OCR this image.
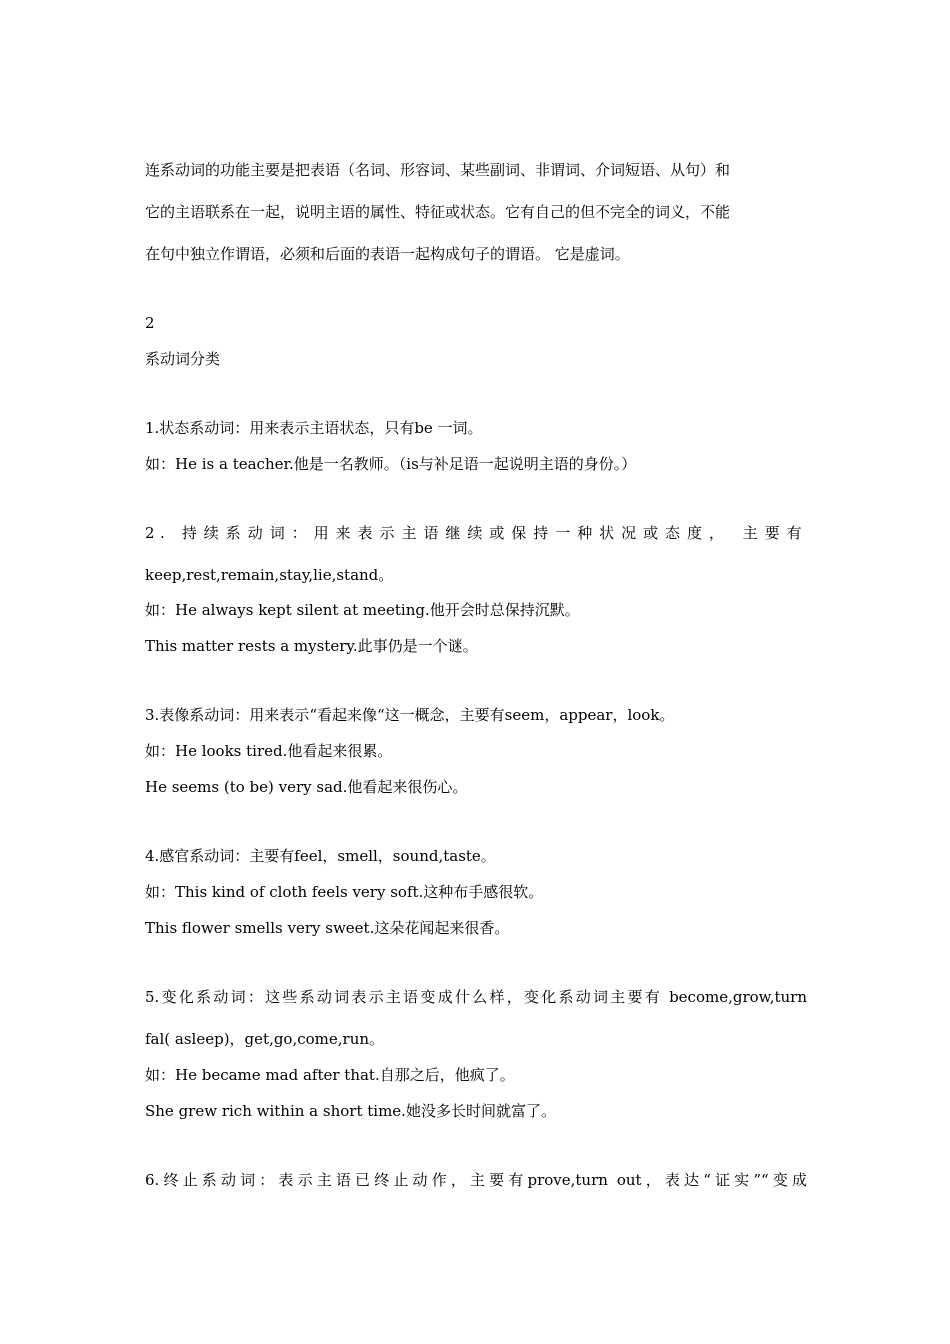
连系动词的功能主要是把表语（名词、形容词、某些副词、非谓词、介词短语、从句）和
它的主语联系在一起，说明主语的属性、特征或状态。它有自己的但不完全的词义，不能
在句中独立作谓语，必须和后面的表语一起构成句子的谓语。 它是虚词。
2
系动词分类
1.状态系动词：用来表示主语状态，只有be 一词。
如：He is a teacher.他是一名教师。（is与补足语一起说明主语的身份。）
2. 持续系动词：用来表示主语继续或保持一种状况或态度， 主要有
keep,rest,remain,stay,lie,stand。
如：He always kept silent at meeting.他开会时总保持沉默。
This matter rests a mystery.此事仍是一个谜。
3.表像系动词：用来表示“看起来像“这一概念，主要有seem，appear，look。
如：He looks tired.他看起来很累。
He seems (to be) very sad.他看起来很伤心。
4.感官系动词：主要有feel，smell，sound,taste。
如：This kind of cloth feels very soft.这种布手感很软。
This flower smells very sweet.这朵花闻起来很香。
5.变化系动词：这些系动词表示主语变成什么样，变化系动词主要有 become,grow,turn
fal( asleep)，get,go,come,run。
如：He became mad after that.自那之后，他疯了。
She grew rich within a short time.她没多长时间就富了。
6.终止系动词：表示主语已终止动作，主要有prove,turn out，表达“证实”“变成
